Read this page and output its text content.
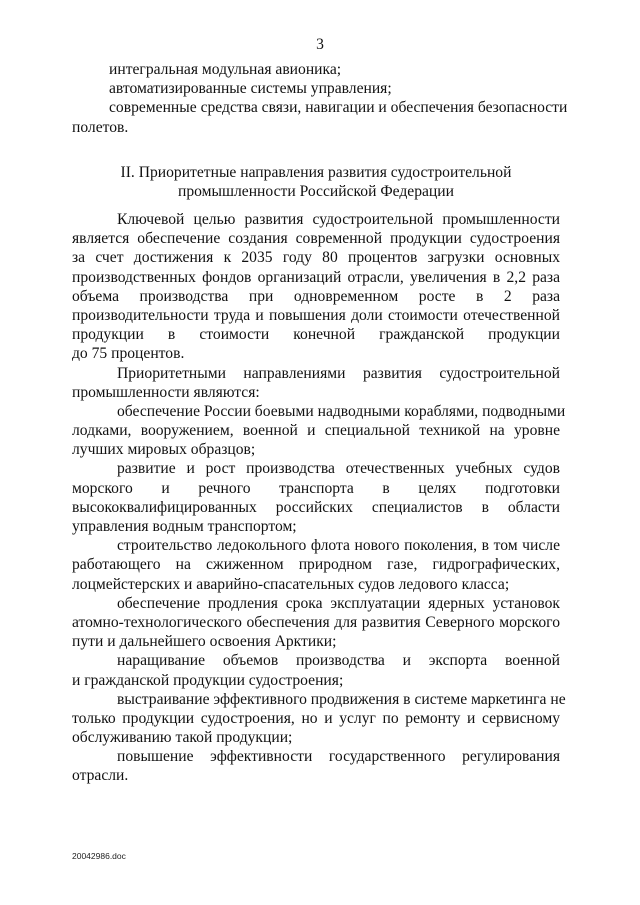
3
интегральная модульная авионика;
автоматизированные системы управления;
современные средства связи, навигации и обеспечения безопасности
полетов.
II. Приоритетные направления развития судостроительной
промышленности Российской Федерации
Ключевой целью развития судостроительной промышленности
является обеспечение создания современной продукции судостроения
за счет достижения к 2035 году 80 процентов загрузки основных
производственных фондов организаций отрасли, увеличения в 2,2 раза
объема производства при одновременном росте в 2 раза
производительности труда и повышения доли стоимости отечественной
продукции в стоимости конечной гражданской продукции
до 75 процентов.
Приоритетными направлениями развития судостроительной
промышленности являются:
обеспечение России боевыми надводными кораблями, подводными
лодками, вооружением, военной и специальной техникой на уровне
лучших мировых образцов;
развитие и рост производства отечественных учебных судов
морского и речного транспорта в целях подготовки
высококвалифицированных российских специалистов в области
управления водным транспортом;
строительство ледокольного флота нового поколения, в том числе
работающего на сжиженном природном газе, гидрографических,
лоцмейстерских и аварийно-спасательных судов ледового класса;
обеспечение продления срока эксплуатации ядерных установок
атомно-технологического обеспечения для развития Северного морского
пути и дальнейшего освоения Арктики;
наращивание объемов производства и экспорта военной
и гражданской продукции судостроения;
выстраивание эффективного продвижения в системе маркетинга не
только продукции судостроения, но и услуг по ремонту и сервисному
обслуживанию такой продукции;
повышение эффективности государственного регулирования
отрасли.
20042986.doc
